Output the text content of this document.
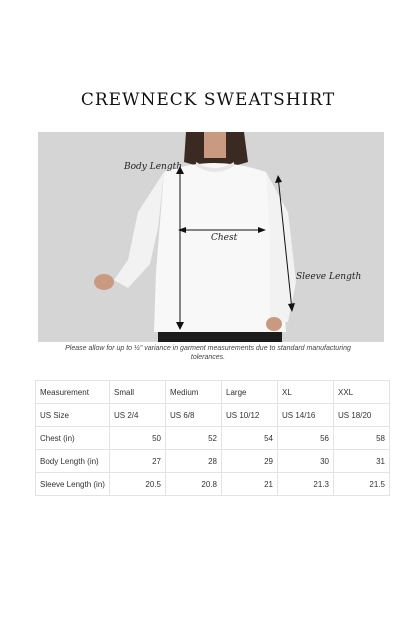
CREWNECK SWEATSHIRT
Body Length
Chest
Sleeve Length
Please allow for up to ½" variance in garment measurements due to standard manufacturing tolerances.
Measurement	Small	Medium	Large	XL	XXL
US Size	US 2/4	US 6/8	US 10/12	US 14/16	US 18/20
Chest (in)	50	52	54	56	58
Body Length (in)	27	28	29	30	31
Sleeve Length (in)	20.5	20.8	21	21.3	21.5
